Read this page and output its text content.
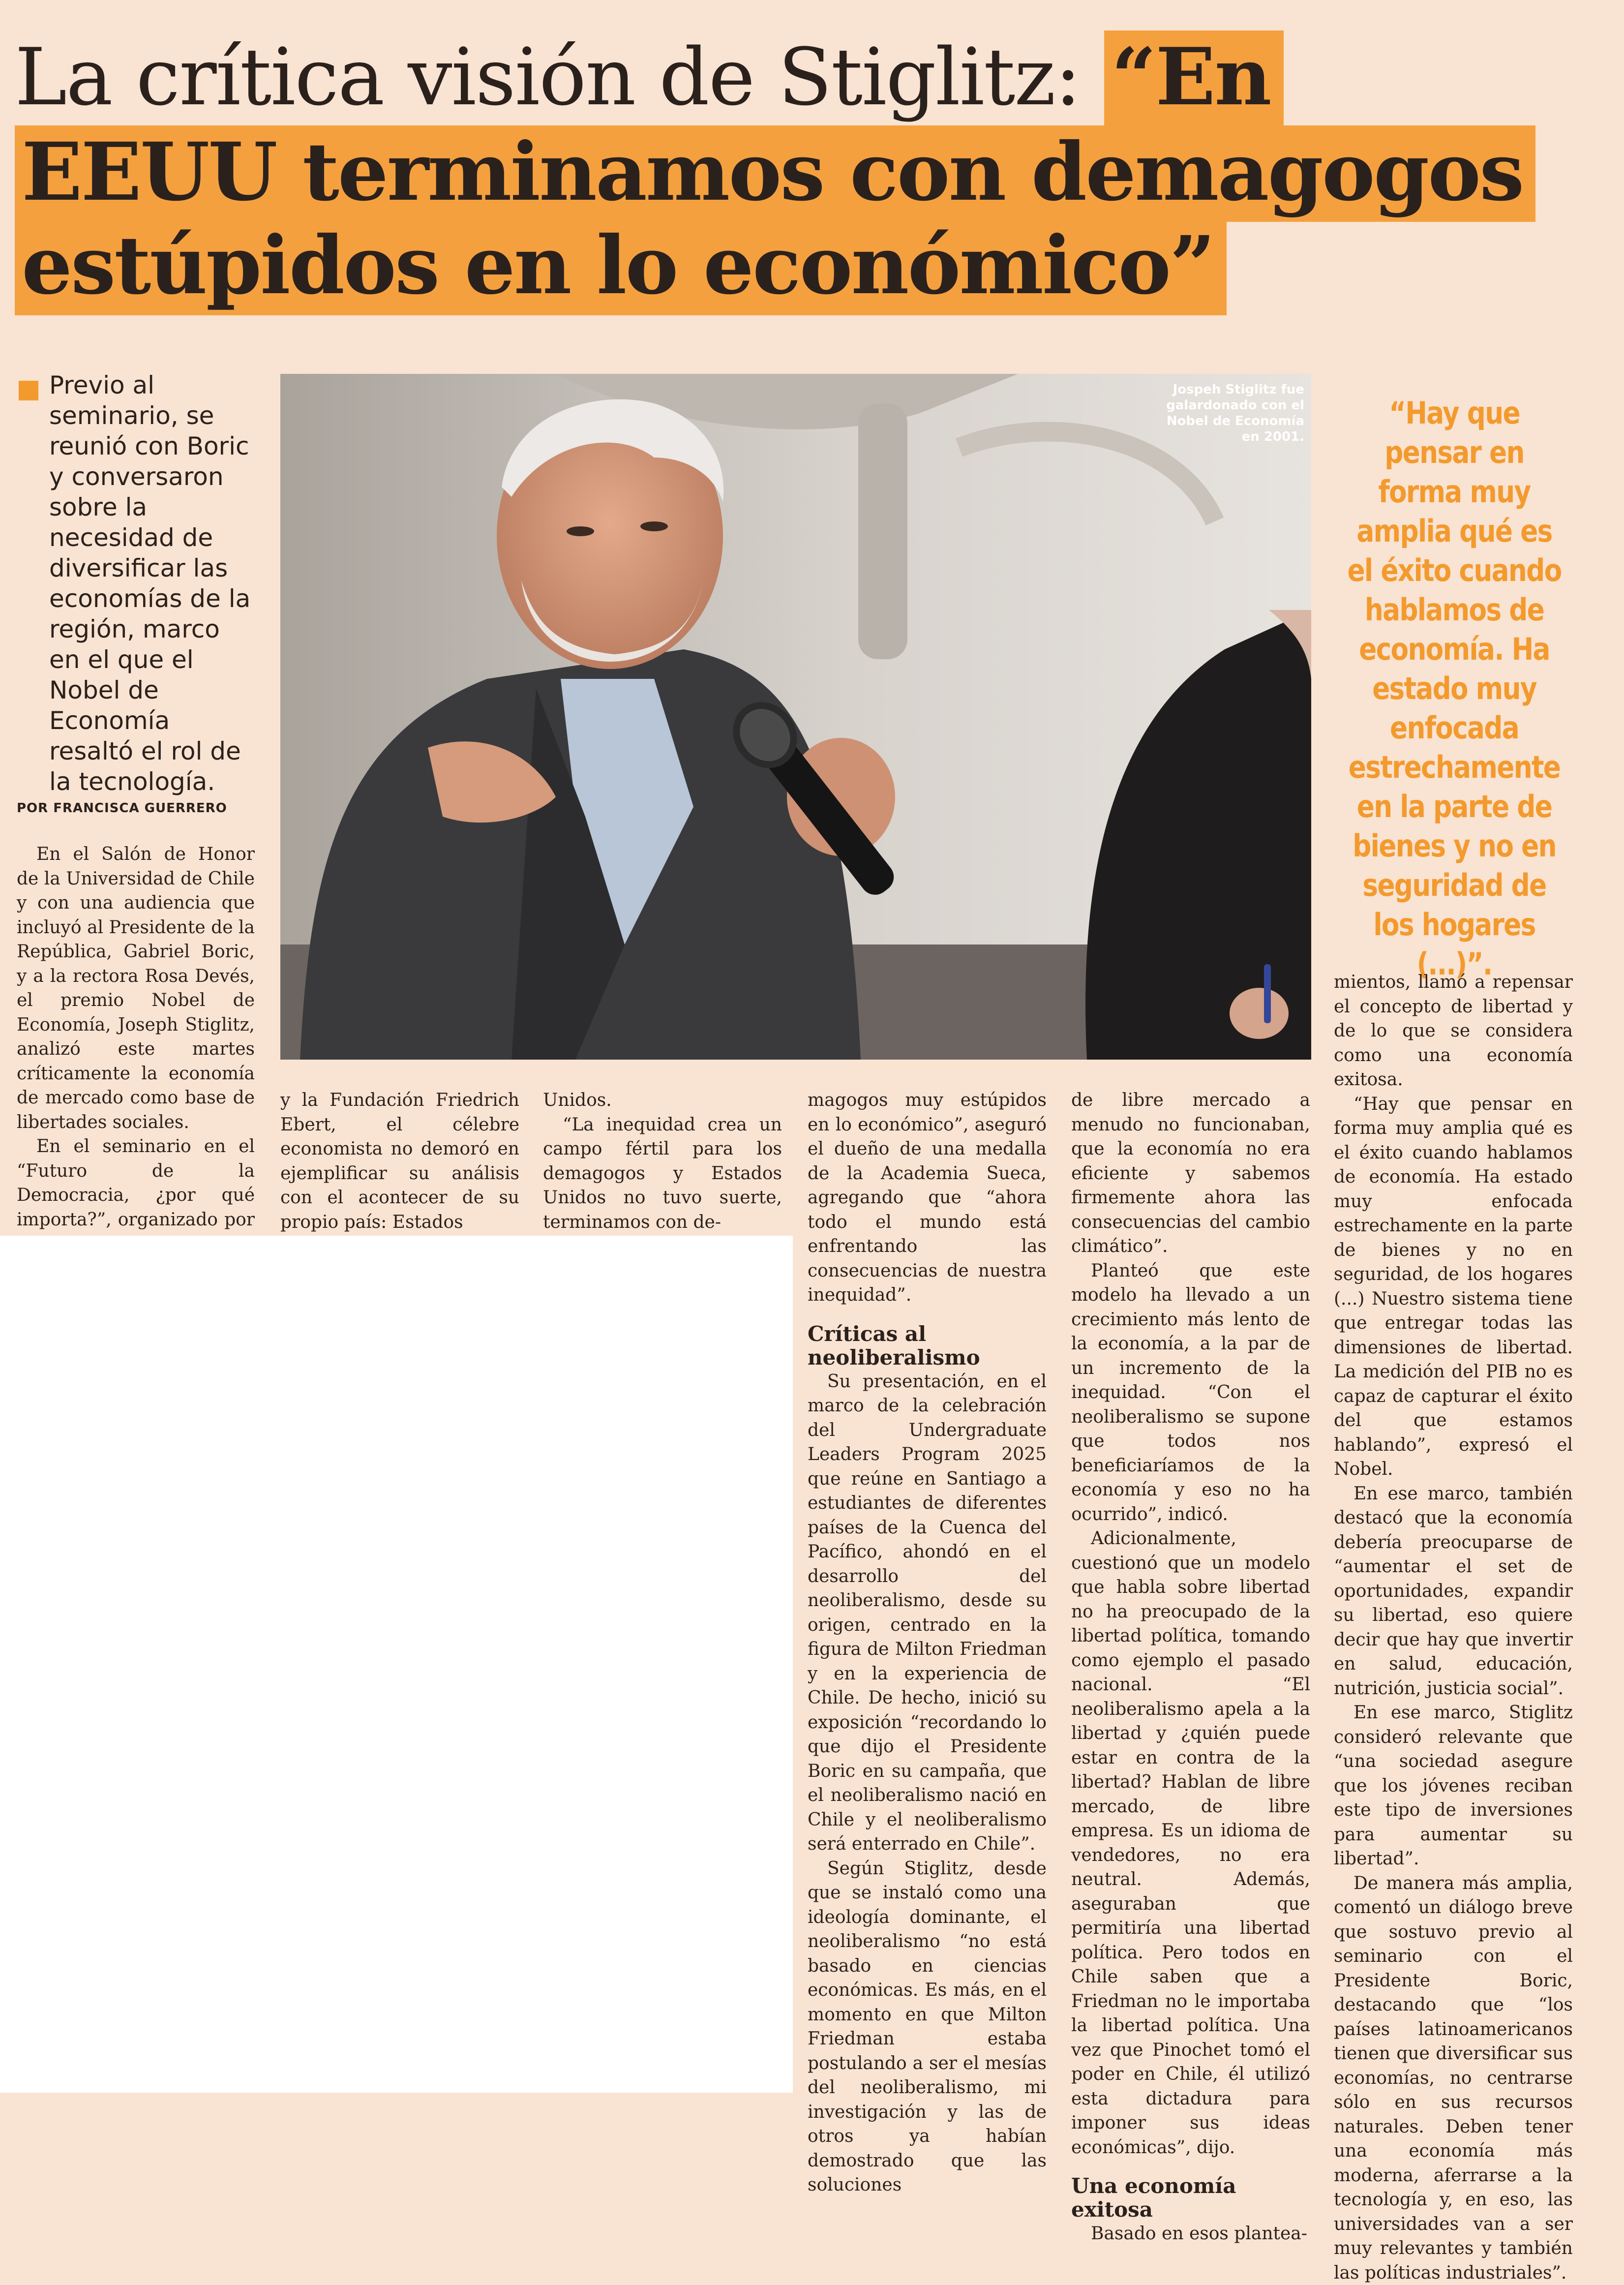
La crítica visión de Stiglitz: “En
EEUU terminamos con demagogos
estúpidos en lo económico”

Previo al seminario, se reunió con Boric y conversaron sobre la necesidad de diversificar las economías de la región, marco en el que el Nobel de Economía resaltó el rol de la tecnología.

POR FRANCISCA GUERRERO
Jospeh Stiglitz fue galardonado con el Nobel de Economía en 2001.

“Hay que pensar en forma muy amplia qué es el éxito cuando hablamos de economía. Ha estado muy enfocada estrechamente en la parte de bienes y no en seguridad de los hogares (...)”.

En el Salón de Honor de la Universidad de Chile y con una audiencia que incluyó al Presidente de la República, Gabriel Boric, y a la rectora Rosa Devés, el premio Nobel de Economía, Joseph Stiglitz, analizó este martes críticamente la economía de mercado como base de libertades sociales.

En el seminario en el “Futuro de la Democracia, ¿por qué importa?”, organizado por

y la Fundación Friedrich Ebert, el célebre economista no demoró en ejemplificar su análisis con el acontecer de su propio país: Estados

Unidos.

“La inequidad crea un campo fértil para los demagogos y Estados Unidos no tuvo suerte, terminamos con de-

magogos muy estúpidos en lo económico”, aseguró el dueño de una medalla de la Academia Sueca, agregando que “ahora todo el mundo está enfrentando las consecuencias de nuestra inequidad”.

Críticas al neoliberalismo

Su presentación, en el marco de la celebración del Undergraduate Leaders Program 2025 que reúne en Santiago a estudiantes de diferentes países de la Cuenca del Pacífico, ahondó en el desarrollo del neoliberalismo, desde su origen, centrado en la figura de Milton Friedman y en la experiencia de Chile. De hecho, inició su exposición “recordando lo que dijo el Presidente Boric en su campaña, que el neoliberalismo nació en Chile y el neoliberalismo será enterrado en Chile”.

Según Stiglitz, desde que se instaló como una ideología dominante, el neoliberalismo “no está basado en ciencias económicas. Es más, en el momento en que Milton Friedman estaba postulando a ser el mesías del neoliberalismo, mi investigación y las de otros ya habían demostrado que las soluciones

de libre mercado a menudo no funcionaban, que la economía no era eficiente y sabemos firmemente ahora las consecuencias del cambio climático”.

Planteó que este modelo ha llevado a un crecimiento más lento de la economía, a la par de un incremento de la inequidad. “Con el neoliberalismo se supone que todos nos beneficiaríamos de la economía y eso no ha ocurrido”, indicó.

Adicionalmente, cuestionó que un modelo que habla sobre libertad no ha preocupado de la libertad política, tomando como ejemplo el pasado nacional. “El neoliberalismo apela a la libertad y ¿quién puede estar en contra de la libertad? Hablan de libre mercado, de libre empresa. Es un idioma de vendedores, no era neutral. Además, aseguraban que permitiría una libertad política. Pero todos en Chile saben que a Friedman no le importaba la libertad política. Una vez que Pinochet tomó el poder en Chile, él utilizó esta dictadura para imponer sus ideas económicas”, dijo.

Una economía exitosa

Basado en esos plantea-

mientos, llamó a repensar el concepto de libertad y de lo que se considera como una economía exitosa.

“Hay que pensar en forma muy amplia qué es el éxito cuando hablamos de economía. Ha estado muy enfocada estrechamente en la parte de bienes y no en seguridad, de los hogares (...) Nuestro sistema tiene que entregar todas las dimensiones de libertad. La medición del PIB no es capaz de capturar el éxito del que estamos hablando”, expresó el Nobel.

En ese marco, también destacó que la economía debería preocuparse de “aumentar el set de oportunidades, expandir su libertad, eso quiere decir que hay que invertir en salud, educación, nutrición, justicia social”.

En ese marco, Stiglitz consideró relevante que “una sociedad asegure que los jóvenes reciban este tipo de inversiones para aumentar su libertad”.

De manera más amplia, comentó un diálogo breve que sostuvo previo al seminario con el Presidente Boric, destacando que “los países latinoamericanos tienen que diversificar sus economías, no centrarse sólo en sus recursos naturales. Deben tener una economía más moderna, aferrarse a la tecnología y, en eso, las universidades van a ser muy relevantes y también las políticas industriales”.
